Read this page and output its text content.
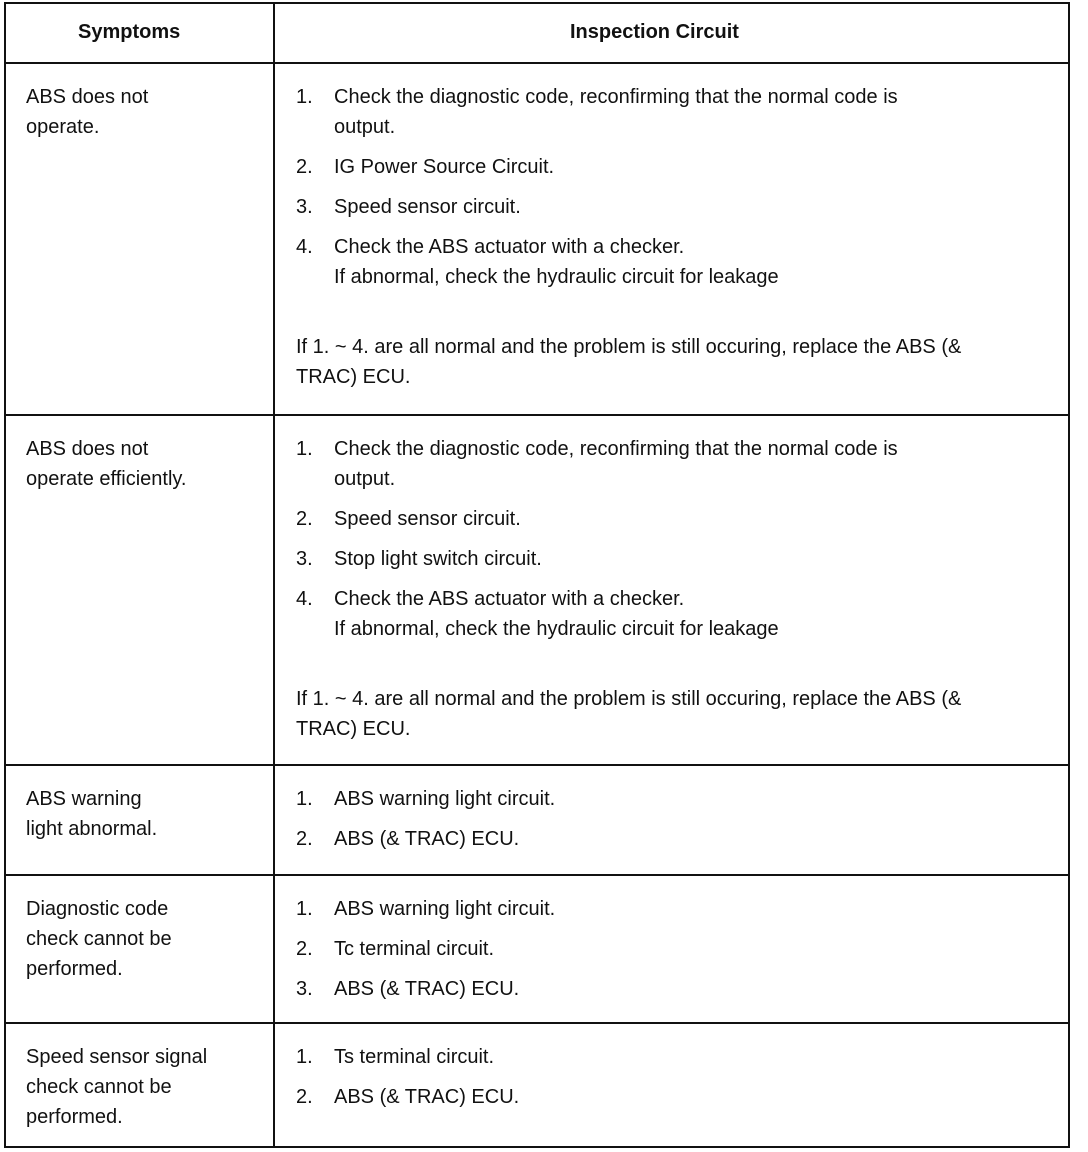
Symptoms	Inspection Circuit
ABS does not
operate.
1. Check the diagnostic code, reconfirming that the normal code is
output.
2. IG Power Source Circuit.
3. Speed sensor circuit.
4. Check the ABS actuator with a checker.
If abnormal, check the hydraulic circuit for leakage
If 1. ~ 4. are all normal and the problem is still occuring, replace the ABS (& TRAC) ECU.
ABS does not
operate efficiently.
1. Check the diagnostic code, reconfirming that the normal code is
output.
2. Speed sensor circuit.
3. Stop light switch circuit.
4. Check the ABS actuator with a checker.
If abnormal, check the hydraulic circuit for leakage
If 1. ~ 4. are all normal and the problem is still occuring, replace the ABS (& TRAC) ECU.
ABS warning
light abnormal.
1. ABS warning light circuit.
2. ABS (& TRAC) ECU.
Diagnostic code
check cannot be
performed.
1. ABS warning light circuit.
2. Tc terminal circuit.
3. ABS (& TRAC) ECU.
Speed sensor signal
check cannot be
performed.
1. Ts terminal circuit.
2. ABS (& TRAC) ECU.
